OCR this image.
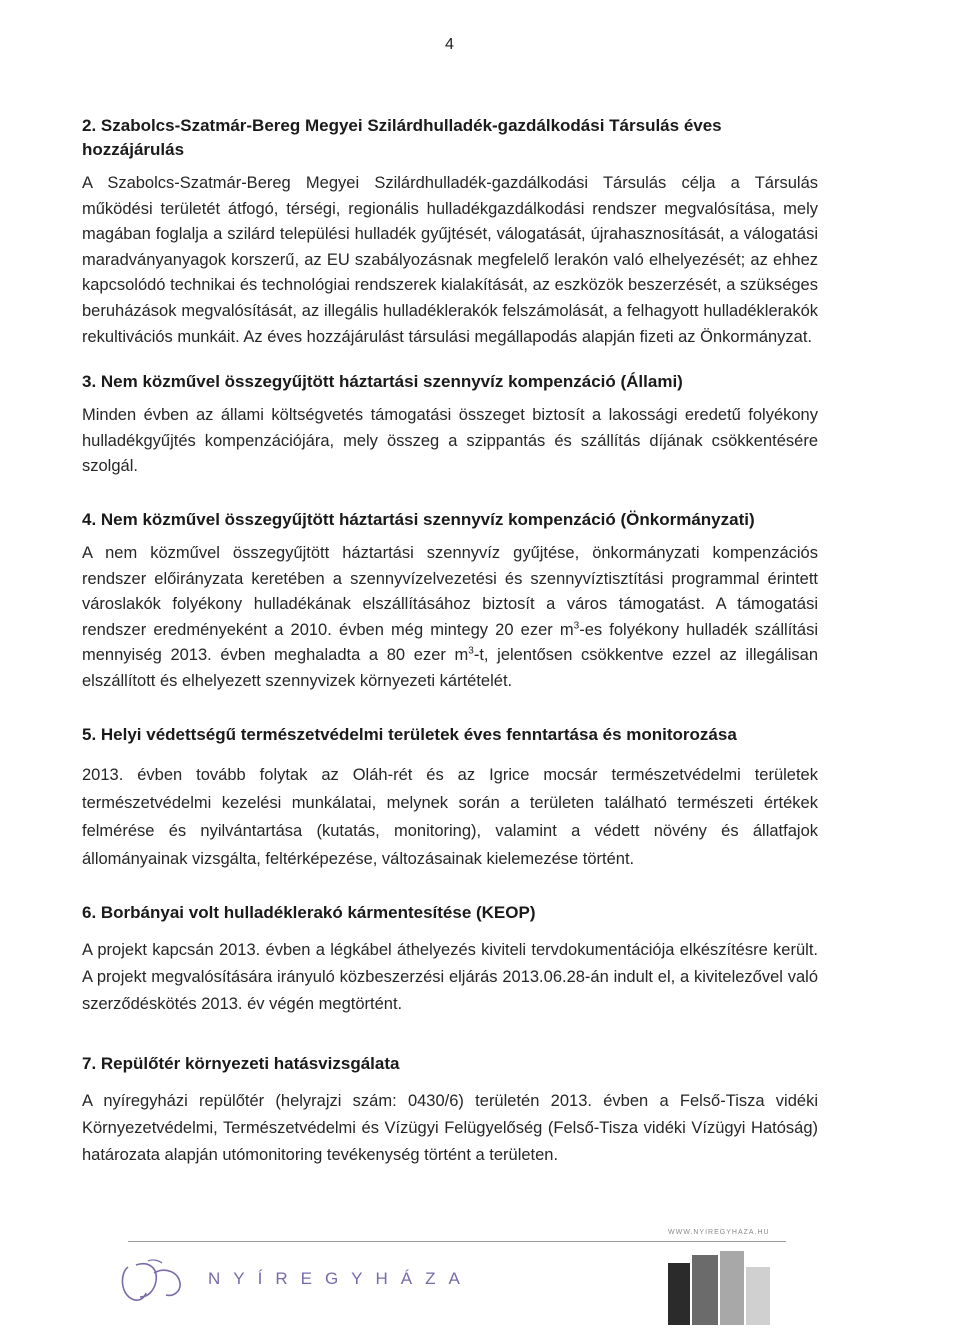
4
2. Szabolcs-Szatmár-Bereg Megyei Szilárdhulladék-gazdálkodási Társulás éves hozzájárulás

A Szabolcs-Szatmár-Bereg Megyei Szilárdhulladék-gazdálkodási Társulás célja a Társulás működési területét átfogó, térségi, regionális hulladékgazdálkodási rendszer megvalósítása, mely magában foglalja a szilárd települési hulladék gyűjtését, válogatását, újrahasznosítását, a válogatási maradványanyagok korszerű, az EU szabályozásnak megfelelő lerakón való elhelyezését; az ehhez kapcsolódó technikai és technológiai rendszerek kialakítását, az eszközök beszerzését, a szükséges beruházások megvalósítását, az illegális hulladéklerakók felszámolását, a felhagyott hulladéklerakók rekultivációs munkáit. Az éves hozzájárulást társulási megállapodás alapján fizeti az Önkormányzat.

3. Nem közművel összegyűjtött háztartási szennyvíz kompenzáció (Állami)

Minden évben az állami költségvetés támogatási összeget biztosít a lakossági eredetű folyékony hulladékgyűjtés kompenzációjára, mely összeg a szippantás és szállítás díjának csökkentésére szolgál.

4. Nem közművel összegyűjtött háztartási szennyvíz kompenzáció (Önkormányzati)

A nem közművel összegyűjtött háztartási szennyvíz gyűjtése, önkormányzati kompenzációs rendszer előirányzata keretében a szennyvízelvezetési és szennyvíztisztítási programmal érintett városlakók folyékony hulladékának elszállításához biztosít a város támogatást. A támogatási rendszer eredményeként a 2010. évben még mintegy 20 ezer $m^3-es$ folyékony hulladék szállítási mennyiség 2013. évben meghaladta a 80 ezer $m^3-t$, jelentősen csökkentve ezzel az illegálisan elszállított és elhelyezett szennyvizek környezeti kártételét.

5. Helyi védettségű természetvédelmi területek éves fenntartása és monitorozása

2013. évben tovább folytak az Oláh-rét és az Igrice mocsár természetvédelmi területek természetvédelmi kezelési munkálatai, melynek során a területen található természeti értékek felmérése és nyilvántartása (kutatás, monitoring), valamint a védett növény és állatfajok állományainak vizsgálta, feltérképezése, változásainak kielemezése történt.

6. Borbányai volt hulladéklerakó kármentesítése (KEOP)

A projekt kapcsán 2013. évben a légkábel áthelyezés kiviteli tervdokumentációja elkészítésre került. A projekt megvalósítására irányuló közbeszerzési eljárás 2013.06.28-án indult el, a kivitelezővel való szerződéskötés 2013. év végén megtörtént.

7. Repülőtér környezeti hatásvizsgálata

A nyíregyházi repülőtér (helyrajzi szám: 0430/6) területén 2013. évben a Felső-Tisza vidéki Környezetvédelmi, Természetvédelmi és Vízügyi Felügyelőség (Felső-Tisza vidéki Vízügyi Hatóság) határozata alapján utómonitoring tevékenység történt a területen.

WWW.NYIREGYHAZA.HU
NYÍREGYHÁZA
